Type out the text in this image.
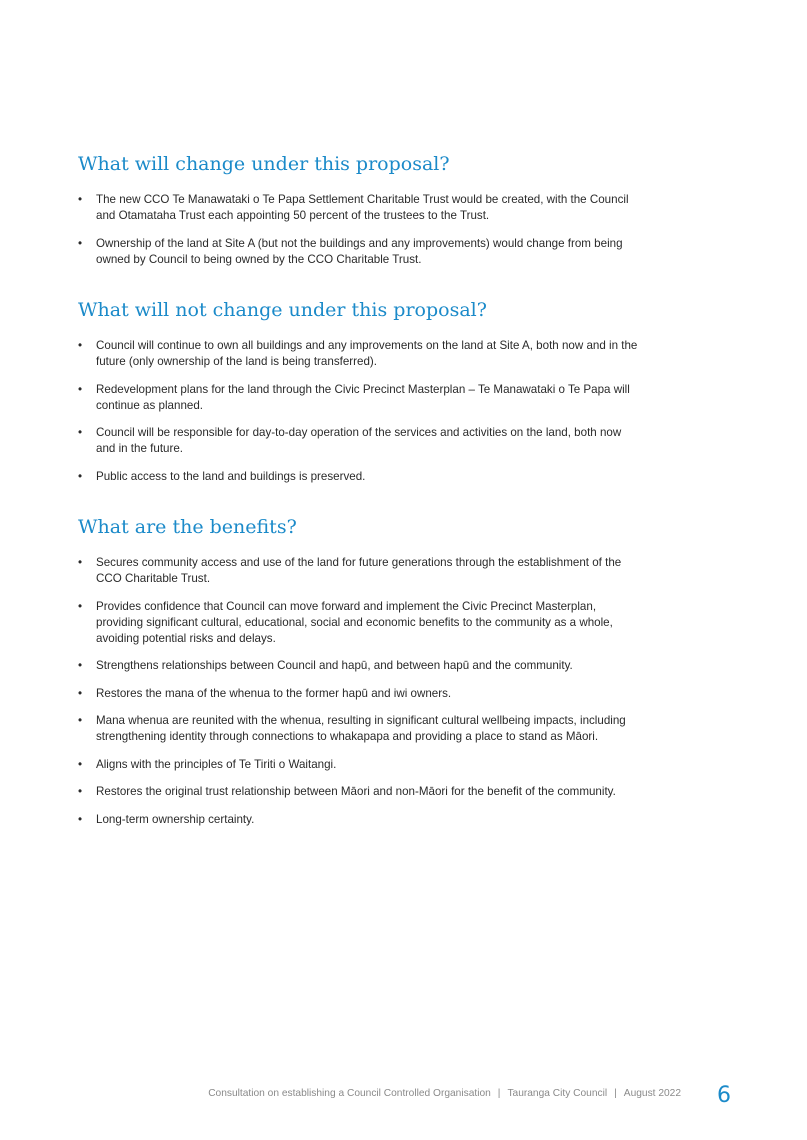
What will change under this proposal?
• The new CCO Te Manawataki o Te Papa Settlement Charitable Trust would be created, with the Council and Otamataha Trust each appointing 50 percent of the trustees to the Trust.
• Ownership of the land at Site A (but not the buildings and any improvements) would change from being owned by Council to being owned by the CCO Charitable Trust.
What will not change under this proposal?
• Council will continue to own all buildings and any improvements on the land at Site A, both now and in the future (only ownership of the land is being transferred).
• Redevelopment plans for the land through the Civic Precinct Masterplan – Te Manawataki o Te Papa will continue as planned.
• Council will be responsible for day-to-day operation of the services and activities on the land, both now and in the future.
• Public access to the land and buildings is preserved.
What are the benefits?
• Secures community access and use of the land for future generations through the establishment of the CCO Charitable Trust.
• Provides confidence that Council can move forward and implement the Civic Precinct Masterplan, providing significant cultural, educational, social and economic benefits to the community as a whole, avoiding potential risks and delays.
• Strengthens relationships between Council and hapū, and between hapū and the community.
• Restores the mana of the whenua to the former hapū and iwi owners.
• Mana whenua are reunited with the whenua, resulting in significant cultural wellbeing impacts, including strengthening identity through connections to whakapapa and providing a place to stand as Māori.
• Aligns with the principles of Te Tiriti o Waitangi.
• Restores the original trust relationship between Māori and non-Māori for the benefit of the community.
• Long-term ownership certainty.
Consultation on establishing a Council Controlled Organisation | Tauranga City Council | August 2022 6
